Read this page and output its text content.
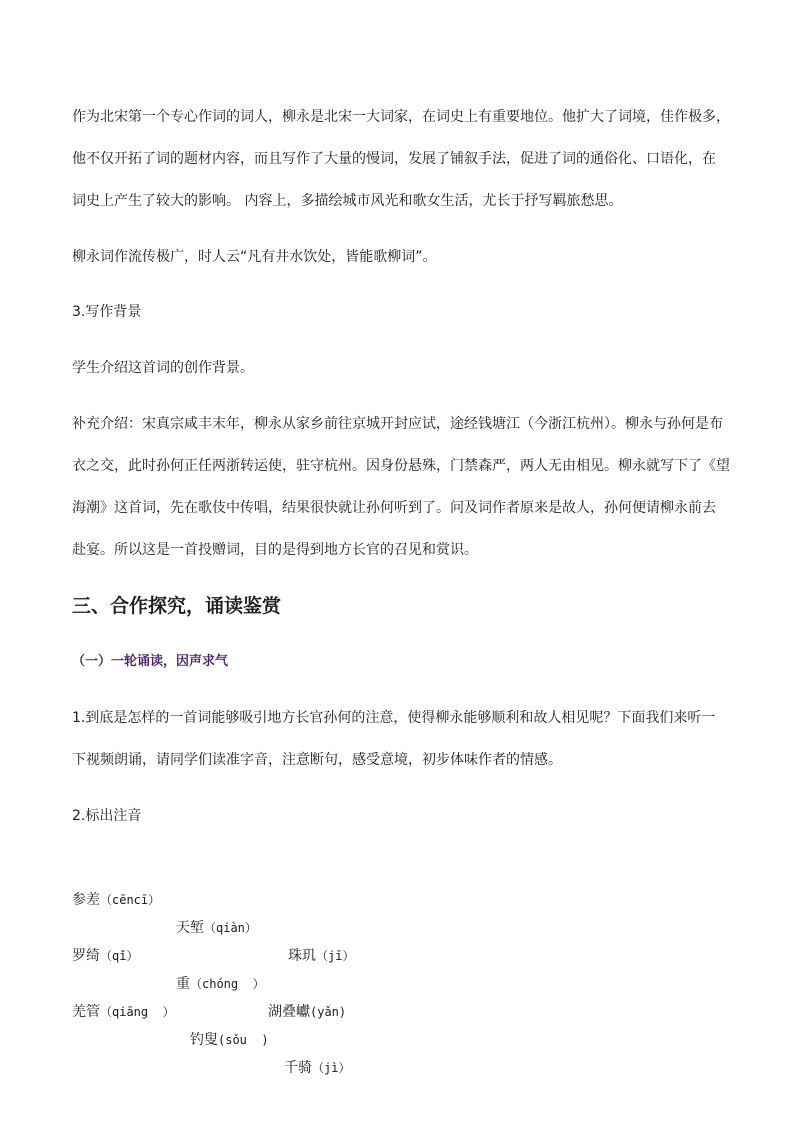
作为北宋第一个专心作词的词人，柳永是北宋一大词家，在词史上有重要地位。他扩大了词境，佳作极多，

他不仅开拓了词的题材内容，而且写作了大量的慢词，发展了铺叙手法，促进了词的通俗化、口语化，在

词史上产生了较大的影响。 内容上，多描绘城市风光和歌女生活，尤长于抒写羁旅愁思。

柳永词作流传极广，时人云“凡有井水饮处，皆能歌柳词”。

3.写作背景

学生介绍这首词的创作背景。

补充介绍：宋真宗咸丰末年，柳永从家乡前往京城开封应试，途经钱塘江（今浙江杭州）。柳永与孙何是布

衣之交，此时孙何正任两浙转运使，驻守杭州。因身份悬殊，门禁森严，两人无由相见。柳永就写下了《望

海潮》这首词，先在歌伎中传唱，结果很快就让孙何听到了。问及词作者原来是故人，孙何便请柳永前去

赴宴。所以这是一首投赠词，目的是得到地方长官的召见和赏识。

三、合作探究，诵读鉴赏

（一）一轮诵读，因声求气

1.到底是怎样的一首词能够吸引地方长官孙何的注意，使得柳永能够顺利和故人相见呢？下面我们来听一

下视频朗诵，请同学们读准字音，注意断句，感受意境，初步体味作者的情感。

2.标出注音

参差（cēncī）

天堑（qiàn）

珠玑（jī）

罗绮（qǐ）

重（chóng  ）

湖叠巘(yǎn)

羌管（qiāng  ）

钓叟(sǒu  )

千骑（jì）
